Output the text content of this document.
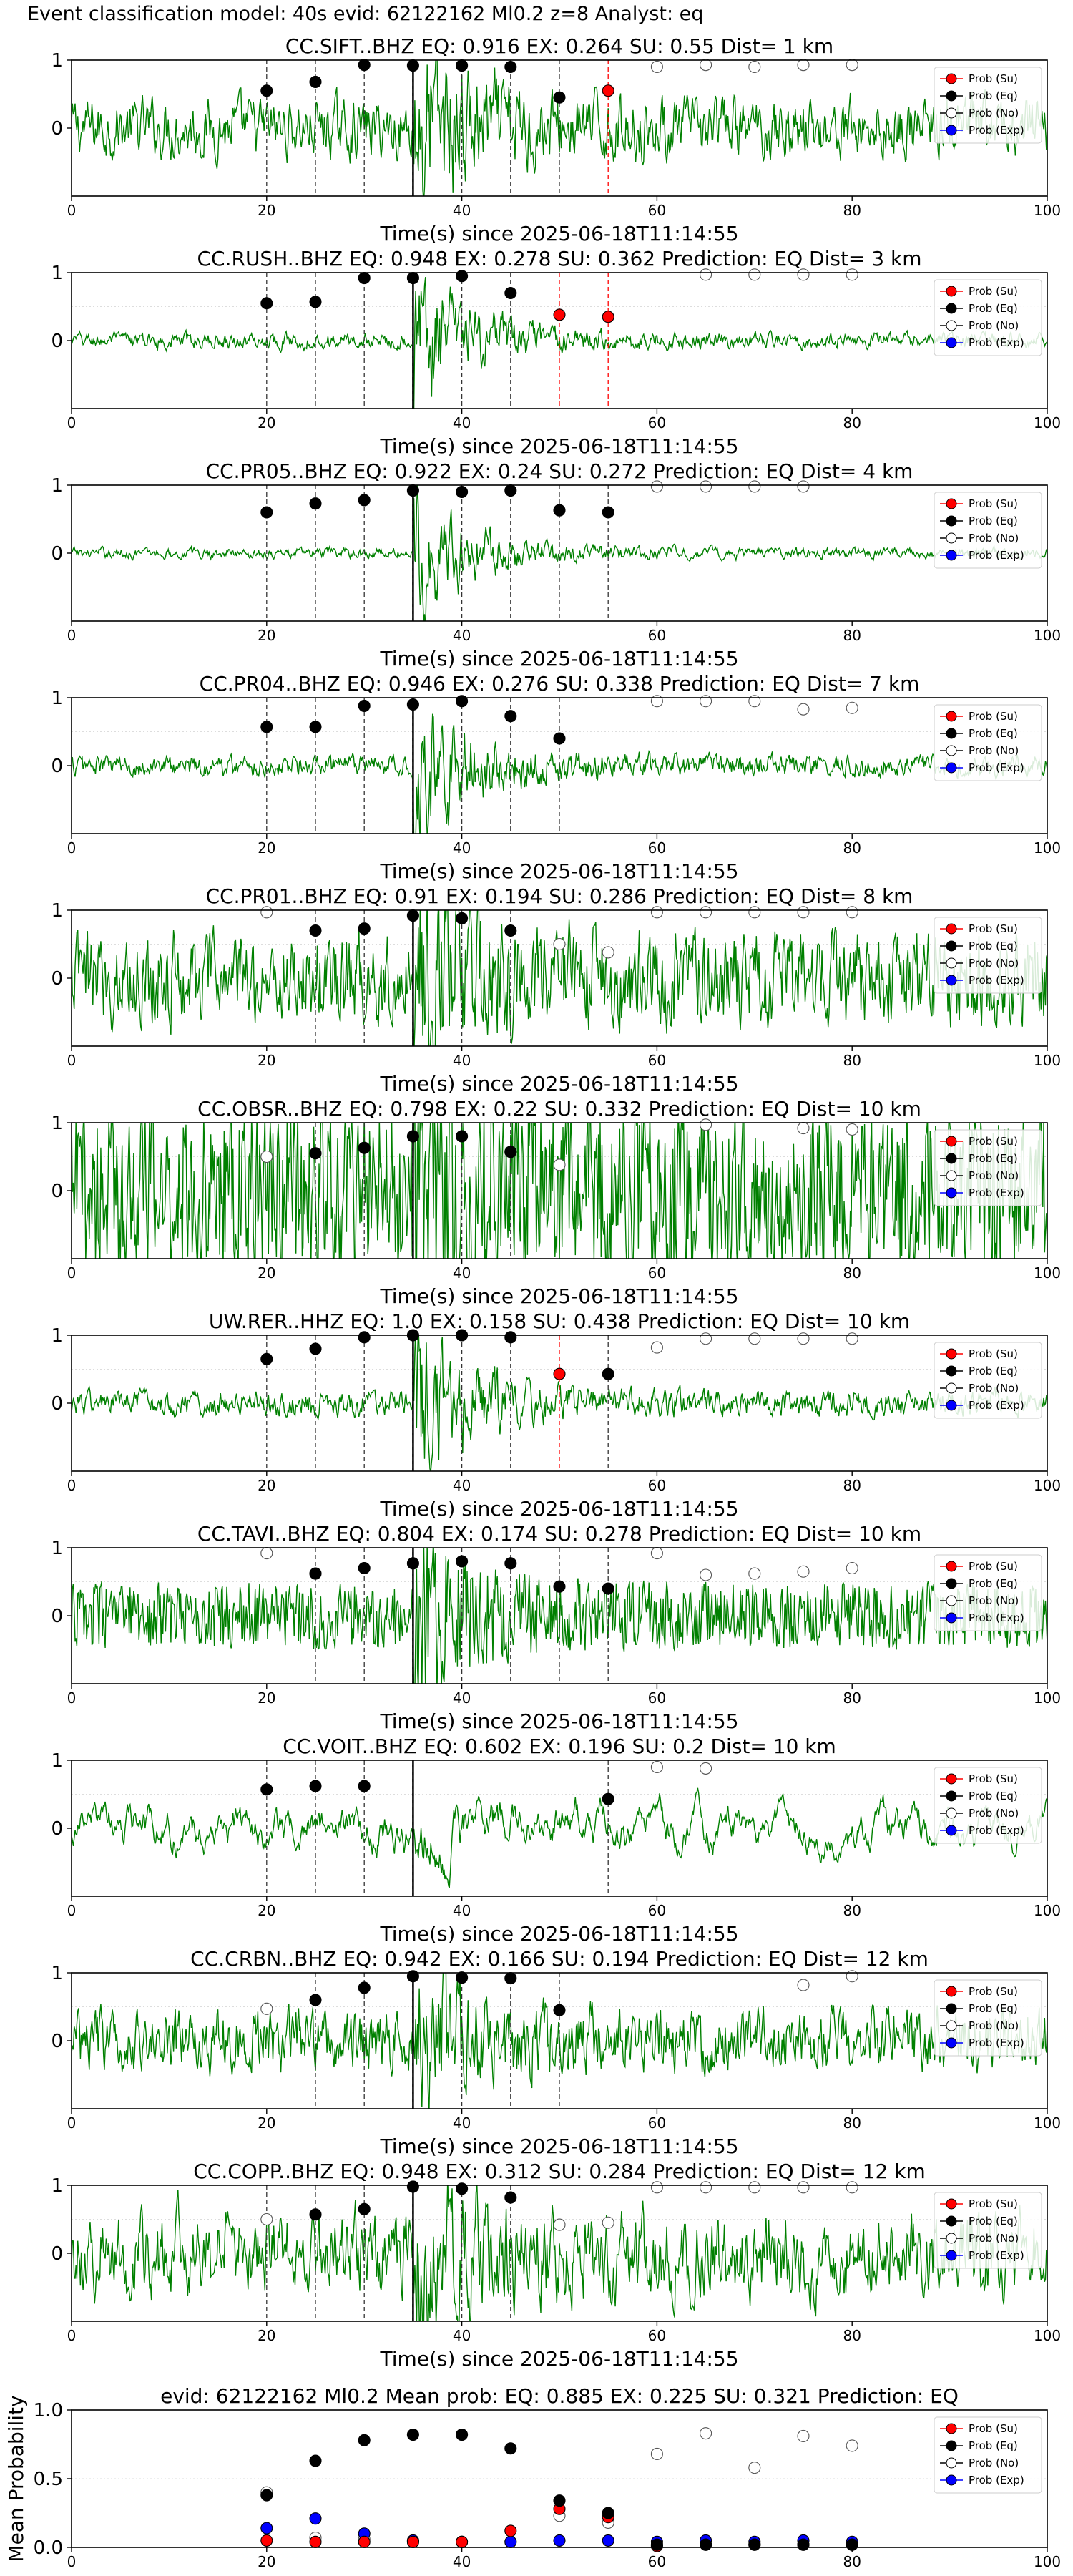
Event classification model: 40s evid: 62122162 Ml0.2 z=8 Analyst: eq
0	20	40	60	80	100
0
1
CC.SIFT..BHZ EQ: 0.916 EX: 0.264 SU: 0.55 Dist= 1 km
Time(s) since 2025-06-18T11:14:55
Prob (Su)
Prob (Eq)
Prob (No)
Prob (Exp)
0	20	40	60	80	100
0
1
CC.RUSH..BHZ EQ: 0.948 EX: 0.278 SU: 0.362 Prediction: EQ Dist= 3 km
Time(s) since 2025-06-18T11:14:55
Prob (Su)
Prob (Eq)
Prob (No)
Prob (Exp)
0	20	40	60	80	100
0
1
CC.PR05..BHZ EQ: 0.922 EX: 0.24 SU: 0.272 Prediction: EQ Dist= 4 km
Time(s) since 2025-06-18T11:14:55
Prob (Su)
Prob (Eq)
Prob (No)
Prob (Exp)
0	20	40	60	80	100
0
1
CC.PR04..BHZ EQ: 0.946 EX: 0.276 SU: 0.338 Prediction: EQ Dist= 7 km
Time(s) since 2025-06-18T11:14:55
Prob (Su)
Prob (Eq)
Prob (No)
Prob (Exp)
0	20	40	60	80	100
0
1
CC.PR01..BHZ EQ: 0.91 EX: 0.194 SU: 0.286 Prediction: EQ Dist= 8 km
Time(s) since 2025-06-18T11:14:55
Prob (Su)
Prob (Eq)
Prob (No)
Prob (Exp)
0	20	40	60	80	100
0
1
CC.OBSR..BHZ EQ: 0.798 EX: 0.22 SU: 0.332 Prediction: EQ Dist= 10 km
Time(s) since 2025-06-18T11:14:55
Prob (Su)
Prob (Eq)
Prob (No)
Prob (Exp)
0	20	40	60	80	100
0
1
UW.RER..HHZ EQ: 1.0 EX: 0.158 SU: 0.438 Prediction: EQ Dist= 10 km
Time(s) since 2025-06-18T11:14:55
Prob (Su)
Prob (Eq)
Prob (No)
Prob (Exp)
0	20	40	60	80	100
0
1
CC.TAVI..BHZ EQ: 0.804 EX: 0.174 SU: 0.278 Prediction: EQ Dist= 10 km
Time(s) since 2025-06-18T11:14:55
Prob (Su)
Prob (Eq)
Prob (No)
Prob (Exp)
0	20	40	60	80	100
0
1
CC.VOIT..BHZ EQ: 0.602 EX: 0.196 SU: 0.2 Dist= 10 km
Time(s) since 2025-06-18T11:14:55
Prob (Su)
Prob (Eq)
Prob (No)
Prob (Exp)
0	20	40	60	80	100
0
1
CC.CRBN..BHZ EQ: 0.942 EX: 0.166 SU: 0.194 Prediction: EQ Dist= 12 km
Time(s) since 2025-06-18T11:14:55
Prob (Su)
Prob (Eq)
Prob (No)
Prob (Exp)
0	20	40	60	80	100
0
1
CC.COPP..BHZ EQ: 0.948 EX: 0.312 SU: 0.284 Prediction: EQ Dist= 12 km
Time(s) since 2025-06-18T11:14:55
Prob (Su)
Prob (Eq)
Prob (No)
Prob (Exp)
0	20	40	60	80	100
0.0
0.5
1.0
evid: 62122162 Ml0.2 Mean prob: EQ: 0.885 EX: 0.225 SU: 0.321 Prediction: EQ
Mean Probability	Prob (Su)
Prob (Eq)
Prob (No)
Prob (Exp)
